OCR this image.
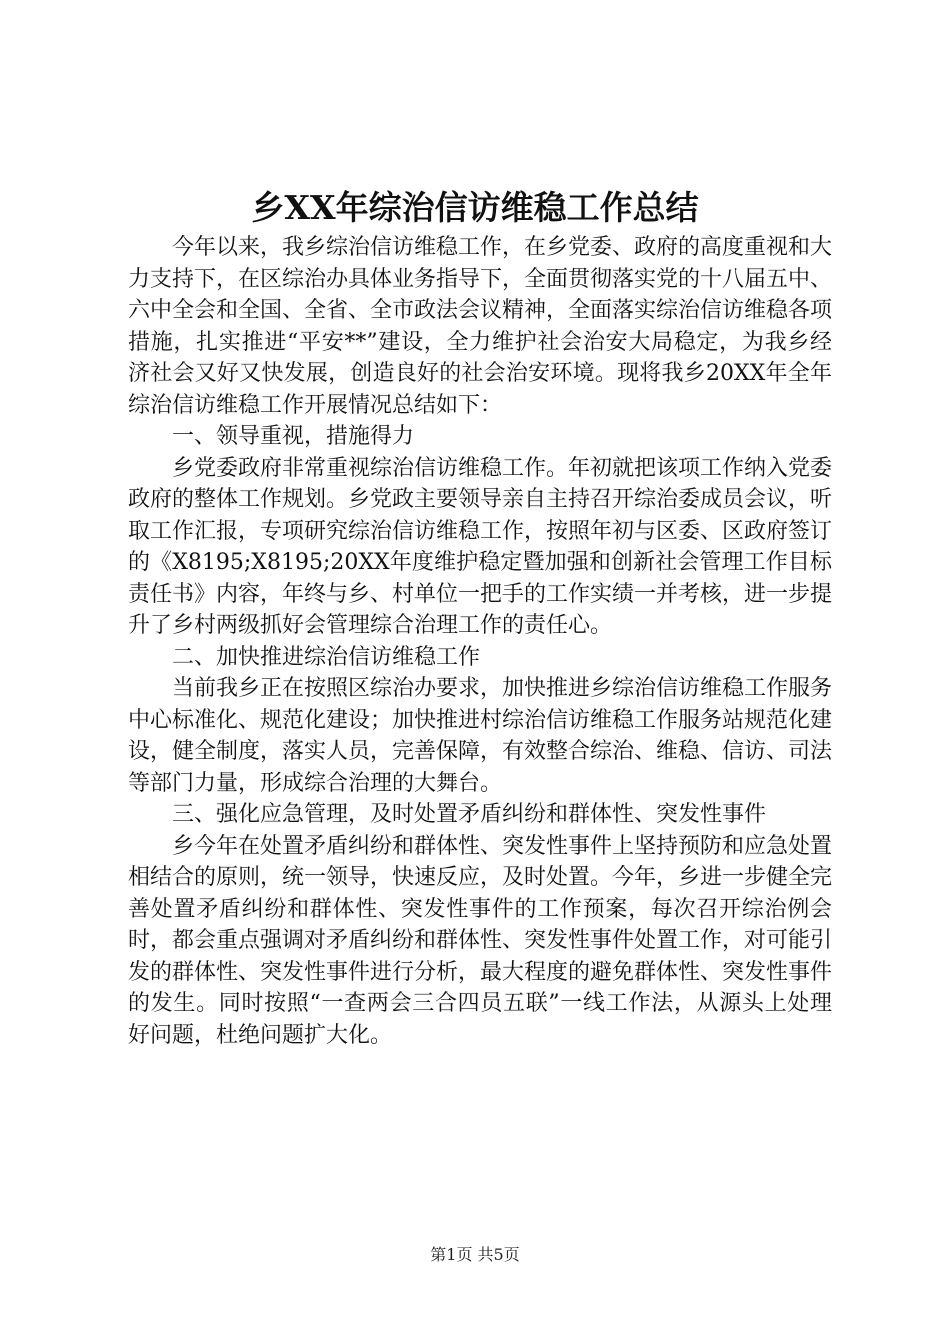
乡XX年综治信访维稳工作总结

今年以来，我乡综治信访维稳工作，在乡党委、政府的高度重视和大力支持下，在区综治办具体业务指导下，全面贯彻落实党的十八届五中、六中全会和全国、全省、全市政法会议精神，全面落实综治信访维稳各项措施，扎实推进“平安**”建设，全力维护社会治安大局稳定，为我乡经济社会又好又快发展，创造良好的社会治安环境。现将我乡20XX年全年综治信访维稳工作开展情况总结如下：

一、领导重视，措施得力

乡党委政府非常重视综治信访维稳工作。年初就把该项工作纳入党委政府的整体工作规划。乡党政主要领导亲自主持召开综治委成员会议，听取工作汇报，专项研究综治信访维稳工作，按照年初与区委、区政府签订的《X8195;X8195;20XX年度维护稳定暨加强和创新社会管理工作目标责任书》内容，年终与乡、村单位一把手的工作实绩一并考核，进一步提升了乡村两级抓好会管理综合治理工作的责任心。

二、加快推进综治信访维稳工作

当前我乡正在按照区综治办要求，加快推进乡综治信访维稳工作服务中心标准化、规范化建设；加快推进村综治信访维稳工作服务站规范化建设，健全制度，落实人员，完善保障，有效整合综治、维稳、信访、司法等部门力量，形成综合治理的大舞台。

三、强化应急管理，及时处置矛盾纠纷和群体性、突发性事件

乡今年在处置矛盾纠纷和群体性、突发性事件上坚持预防和应急处置相结合的原则，统一领导，快速反应，及时处置。今年，乡进一步健全完善处置矛盾纠纷和群体性、突发性事件的工作预案，每次召开综治例会时，都会重点强调对矛盾纠纷和群体性、突发性事件处置工作，对可能引发的群体性、突发性事件进行分析，最大程度的避免群体性、突发性事件的发生。同时按照“一查两会三合四员五联”一线工作法，从源头上处理好问题，杜绝问题扩大化。

第1页 共5页
